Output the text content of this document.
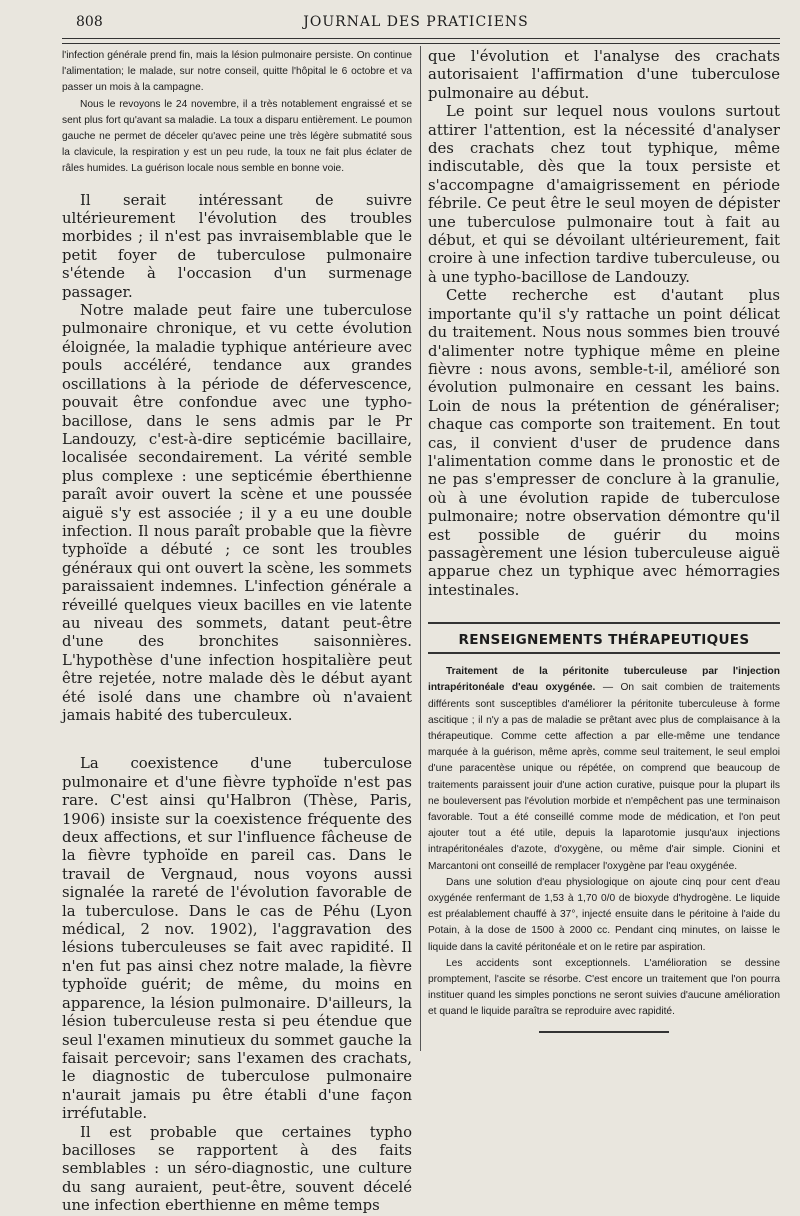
808	JOURNAL DES PRATICIENS

l'infection générale prend fin, mais la lésion pulmonaire persiste. On continue l'alimentation; le malade, sur notre conseil, quitte l'hôpital le 6 octobre et va passer un mois à la campagne.

Nous le revoyons le 24 novembre, il a très notablement engraissé et se sent plus fort qu'avant sa maladie. La toux a disparu entièrement. Le poumon gauche ne permet de déceler qu'avec peine une très légère submatité sous la clavicule, la respiration y est un peu rude, la toux ne fait plus éclater de râles humides. La guérison locale nous semble en bonne voie.

Il serait intéressant de suivre ultérieurement l'évolution des troubles morbides ; il n'est pas invraisemblable que le petit foyer de tuberculose pulmonaire s'étende à l'occasion d'un surmenage passager.

Notre malade peut faire une tuberculose pulmonaire chronique, et vu cette évolution éloignée, la maladie typhique antérieure avec pouls accéléré, tendance aux grandes oscillations à la période de défervescence, pouvait être confondue avec une typho-bacillose, dans le sens admis par le Pr Landouzy, c'est-à-dire septicémie bacillaire, localisée secondairement. La vérité semble plus complexe : une septicémie éberthienne paraît avoir ouvert la scène et une poussée aiguë s'y est associée ; il y a eu une double infection. Il nous paraît probable que la fièvre typhoïde a débuté ; ce sont les troubles généraux qui ont ouvert la scène, les sommets paraissaient indemnes. L'infection générale a réveillé quelques vieux bacilles en vie latente au niveau des sommets, datant peut-être d'une des bronchites saisonnières. L'hypothèse d'une infection hospitalière peut être rejetée, notre malade dès le début ayant été isolé dans une chambre où n'avaient jamais habité des tuberculeux.

La coexistence d'une tuberculose pulmonaire et d'une fièvre typhoïde n'est pas rare. C'est ainsi qu'Halbron (Thèse, Paris, 1906) insiste sur la coexistence fréquente des deux affections, et sur l'influence fâcheuse de la fièvre typhoïde en pareil cas. Dans le travail de Vergnaud, nous voyons aussi signalée la rareté de l'évolution favorable de la tuberculose. Dans le cas de Péhu (Lyon médical, 2 nov. 1902), l'aggravation des lésions tuberculeuses se fait avec rapidité. Il n'en fut pas ainsi chez notre malade, la fièvre typhoïde guérit; de même, du moins en apparence, la lésion pulmonaire. D'ailleurs, la lésion tuberculeuse resta si peu étendue que seul l'examen minutieux du sommet gauche la faisait percevoir; sans l'examen des crachats, le diagnostic de tuberculose pulmonaire n'aurait jamais pu être établi d'une façon irréfutable.

Il est probable que certaines typho bacilloses se rapportent à des faits semblables : un séro-diagnostic, une culture du sang auraient, peut-être, souvent décelé une infection eberthienne en même temps

que l'évolution et l'analyse des crachats autorisaient l'affirmation d'une tuberculose pulmonaire au début.

Le point sur lequel nous voulons surtout attirer l'attention, est la nécessité d'analyser des crachats chez tout typhique, même indiscutable, dès que la toux persiste et s'accompagne d'amaigrissement en période fébrile. Ce peut être le seul moyen de dépister une tuberculose pulmonaire tout à fait au début, et qui se dévoilant ultérieurement, fait croire à une infection tardive tuberculeuse, ou à une typho-bacillose de Landouzy.

Cette recherche est d'autant plus importante qu'il s'y rattache un point délicat du traitement. Nous nous sommes bien trouvé d'alimenter notre typhique même en pleine fièvre : nous avons, semble-t-il, amélioré son évolution pulmonaire en cessant les bains. Loin de nous la prétention de généraliser; chaque cas comporte son traitement. En tout cas, il convient d'user de prudence dans l'alimentation comme dans le pronostic et de ne pas s'empresser de conclure à la granulie, où à une évolution rapide de tuberculose pulmonaire; notre observation démontre qu'il est possible de guérir du moins passagèrement une lésion tuberculeuse aiguë apparue chez un typhique avec hémorragies intestinales.

RENSEIGNEMENTS THÉRAPEUTIQUES

Traitement de la péritonite tuberculeuse par l'injection intrapéritonéale d'eau oxygénée. — On sait combien de traitements différents sont susceptibles d'améliorer la péritonite tuberculeuse à forme ascitique ; il n'y a pas de maladie se prêtant avec plus de complaisance à la thérapeutique. Comme cette affection a par elle-même une tendance marquée à la guérison, même après, comme seul traitement, le seul emploi d'une paracentèse unique ou répétée, on comprend que beaucoup de traitements paraissent jouir d'une action curative, puisque pour la plupart ils ne bouleversent pas l'évolution morbide et n'empêchent pas une terminaison favorable. Tout a été conseillé comme mode de médication, et l'on peut ajouter tout a été utile, depuis la laparotomie jusqu'aux injections intrapéritonéales d'azote, d'oxygène, ou même d'air simple. Cionini et Marcantoni ont conseillé de remplacer l'oxygène par l'eau oxygénée.

Dans une solution d'eau physiologique on ajoute cinq pour cent d'eau oxygénée renfermant de 1,53 à 1,70 0/0 de bioxyde d'hydrogène. Le liquide est préalablement chauffé à 37°, injecté ensuite dans le péritoine à l'aide du Potain, à la dose de 1500 à 2000 cc. Pendant cinq minutes, on laisse le liquide dans la cavité péritonéale et on le retire par aspiration.

Les accidents sont exceptionnels. L'amélioration se dessine promptement, l'ascite se résorbe. C'est encore un traitement que l'on pourra instituer quand les simples ponctions ne seront suivies d'aucune amélioration et quand le liquide paraîtra se reproduire avec rapidité.
